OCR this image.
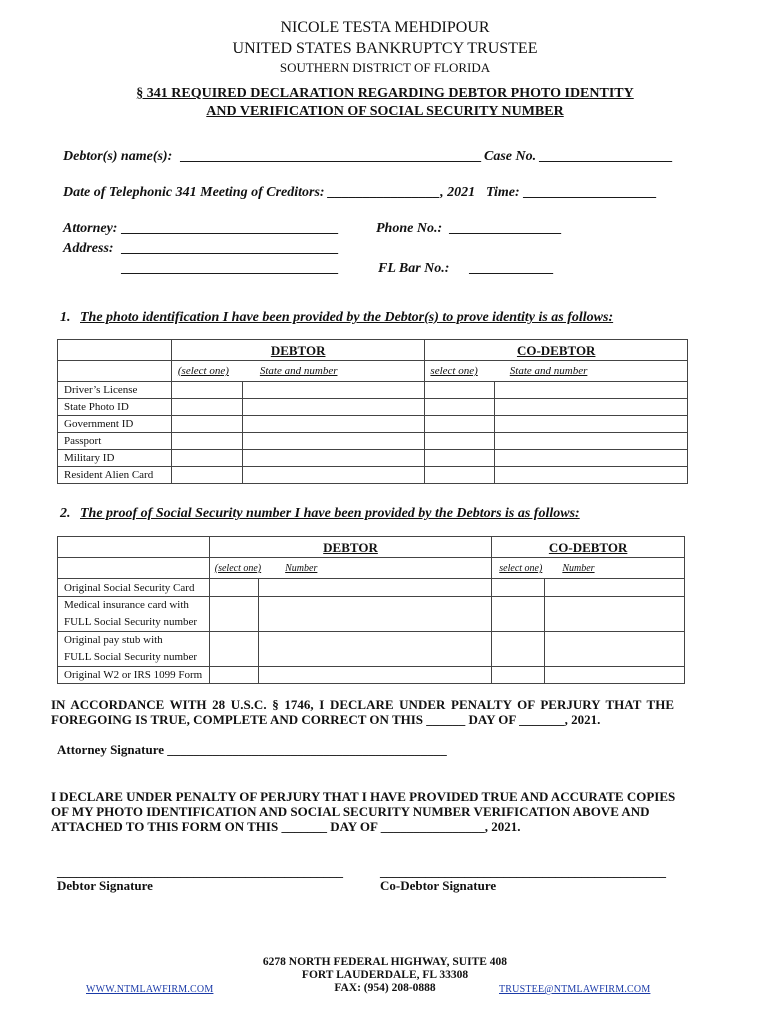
NICOLE TESTA MEHDIPOUR
UNITED STATES BANKRUPTCY TRUSTEE
SOUTHERN DISTRICT OF FLORIDA
§ 341 REQUIRED DECLARATION REGARDING DEBTOR PHOTO IDENTITY
AND VERIFICATION OF SOCIAL SECURITY NUMBER
Debtor(s) name(s): ___________________________________________ Case No. ___________________
Date of Telephonic 341 Meeting of Creditors: ________________, 2021 Time: ___________________
Attorney: _______________________________	Phone No.: ________________
Address: _______________________________
_______________________________	FL Bar No.: ____________
1. The photo identification I have been provided by the Debtor(s) to prove identity is as follows:
	DEBTOR		CO-DEBTOR	
	(select one) State and number		select one) State and number	
Driver’s License				
State Photo ID				
Government ID				
Passport				
Military ID				
Resident Alien Card				
2. The proof of Social Security number I have been provided by the Debtors is as follows:
	DEBTOR		CO-DEBTOR	
	(select one) Number		select one) Number	
Original Social Security Card				

Medical insurance card with
FULL Social Security number				

Original pay stub with
FULL Social Security number				

Original W2 or IRS 1099 Form				
IN ACCORDANCE WITH 28 U.S.C. § 1746, I DECLARE UNDER PENALTY OF PERJURY THAT THE
FOREGOING IS TRUE, COMPLETE AND CORRECT ON THIS ______ DAY OF _______, 2021.
Attorney Signature ___________________________________________
I DECLARE UNDER PENALTY OF PERJURY THAT I HAVE PROVIDED TRUE AND ACCURATE COPIES
OF MY PHOTO IDENTIFICATION AND SOCIAL SECURITY NUMBER VERIFICATION ABOVE AND
ATTACHED TO THIS FORM ON THIS _______ DAY OF ________________, 2021.
____________________________________________
Debtor Signature
____________________________________________
Co-Debtor Signature
6278 NORTH FEDERAL HIGHWAY, SUITE 408
FORT LAUDERDALE, FL 33308
FAX: (954) 208-0888
WWW.NTMLAWFIRM.COM	TRUSTEE@NTMLAWFIRM.COM
